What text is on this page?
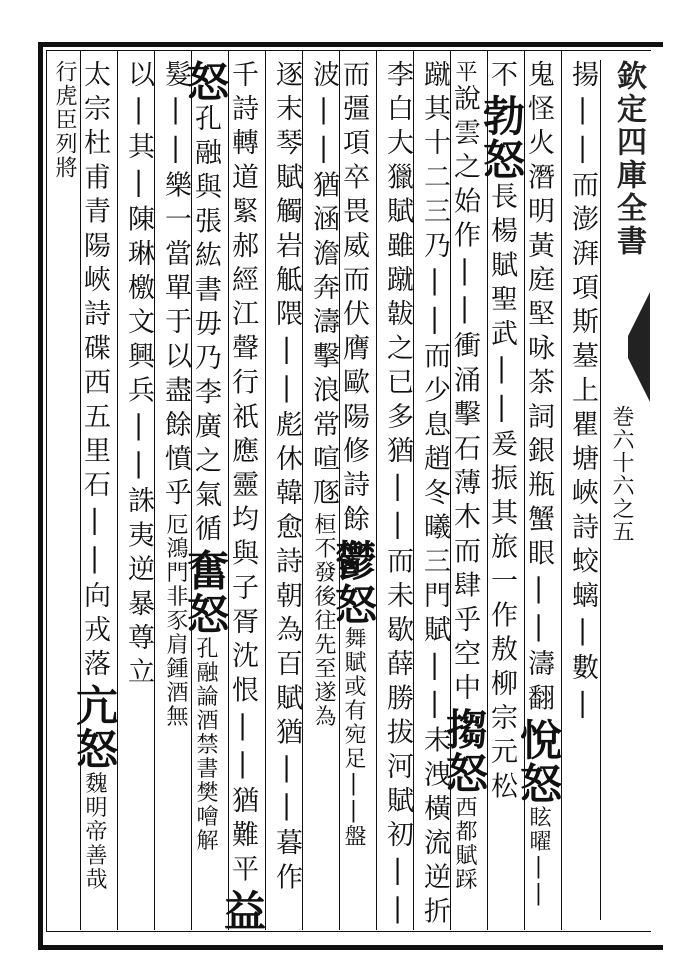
欽定四庫全書
巻六十六之五
揚||而澎湃項斯墓上瞿塘峽詩蛟螭|數|
鬼怪火潛明黃庭堅咏茶詞銀瓶蟹眼||濤翻悅怒眩曜||
不勃怒長楊賦聖武||爰振其旅一作敖柳宗元松
平說雲之始作||衝涌擊石薄木而肆乎空中搊怒西都賦踩
蹴其十二三乃||而少息趙冬曦三門賦||未洩橫流逆折
李白大獵賦雖蹴韍之已多猶||而未歇薛勝拔河賦初||
而彊項卒畏威而伏膺歐陽修詩餘鬱怒舞賦或有宛足||盤
波||猶涵澹奔濤擊浪常喧豗桓不發後往先至遂為
逐末琴賦觸岩觝隈||彪休韓愈詩朝為百賦猶||暮作
千詩轉道緊郝經江聲行祇應靈均與子胥沈恨||猶難平益
怒孔融與張紘書毋乃李廣之氣循奮怒孔融論酒禁書樊噲解
髮||樂一當單于以盡餘憤乎厄鴻門非豕肩鍾酒無
以|其|陳琳檄文興兵||誅夷逆暴尊立
太宗杜甫青陽峽詩碟西五里石||向戎落亢怒魏明帝善哉
行虎臣列將
